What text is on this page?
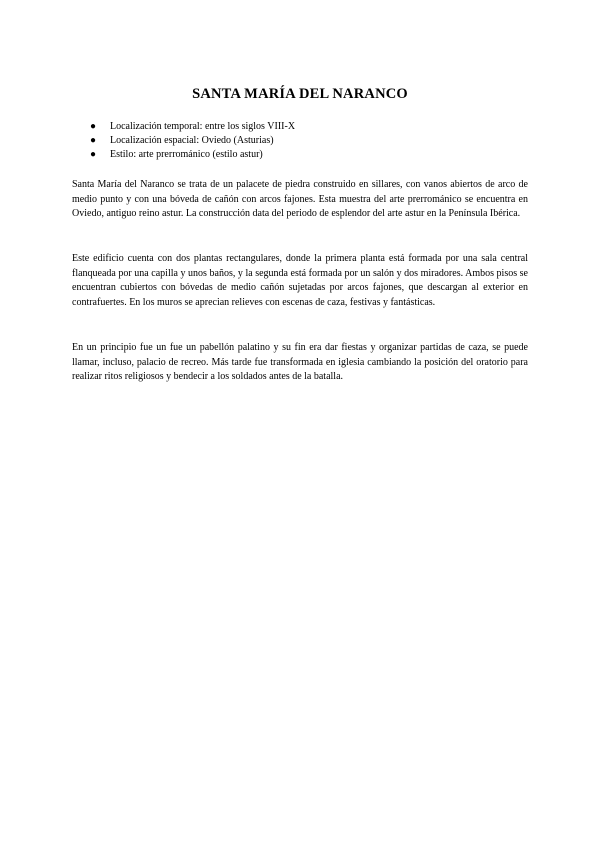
SANTA MARÍA DEL NARANCO
● Localización temporal: entre los siglos VIII-X
● Localización espacial: Oviedo (Asturias)
● Estilo: arte prerrománico (estilo astur)

Santa María del Naranco se trata de un palacete de piedra construido en sillares, con vanos abiertos de arco de medio punto y con una bóveda de cañón con arcos fajones. Esta muestra del arte prerrománico se encuentra en Oviedo, antiguo reino astur. La construcción data del periodo de esplendor del arte astur en la Península Ibérica.

Este edificio cuenta con dos plantas rectangulares, donde la primera planta está formada por una sala central flanqueada por una capilla y unos baños, y la segunda está formada por un salón y dos miradores. Ambos pisos se encuentran cubiertos con bóvedas de medio cañón sujetadas por arcos fajones, que descargan al exterior en contrafuertes. En los muros se aprecian relieves con escenas de caza, festivas y fantásticas.

En un principio fue un fue un pabellón palatino y su fin era dar fiestas y organizar partidas de caza, se puede llamar, incluso, palacio de recreo. Más tarde fue transformada en iglesia cambiando la posición del oratorio para realizar ritos religiosos y bendecir a los soldados antes de la batalla.
